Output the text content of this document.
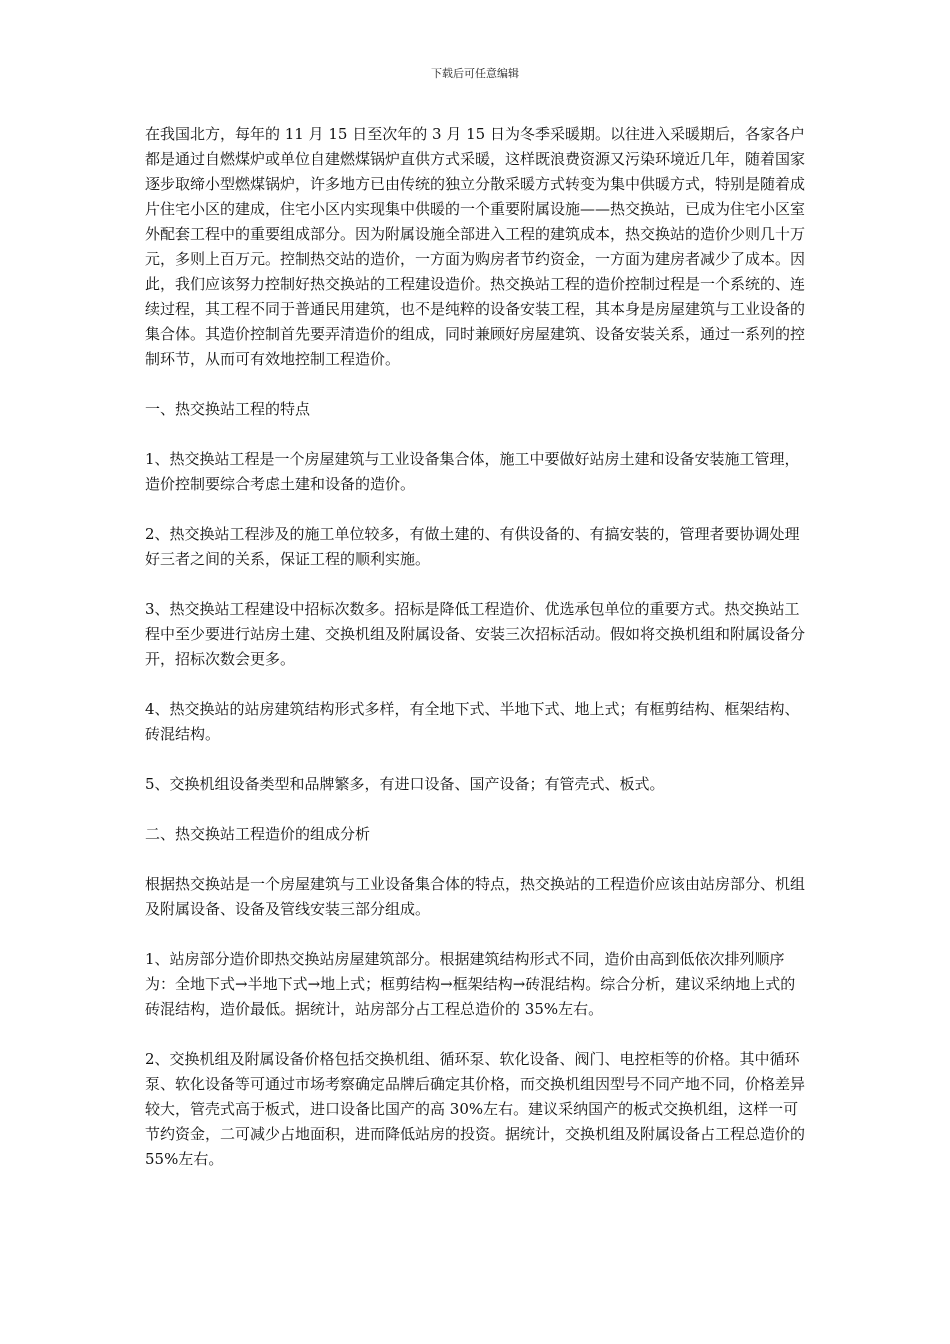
下载后可任意编辑

在我国北方，每年的 11 月 15 日至次年的 3 月 15 日为冬季采暖期。以往进入采暖期后，各家各户都是通过自燃煤炉或单位自建燃煤锅炉直供方式采暖，这样既浪费资源又污染环境近几年，随着国家逐步取缔小型燃煤锅炉，许多地方已由传统的独立分散采暖方式转变为集中供暖方式，特别是随着成片住宅小区的建成，住宅小区内实现集中供暖的一个重要附属设施——热交换站，已成为住宅小区室外配套工程中的重要组成部分。因为附属设施全部进入工程的建筑成本，热交换站的造价少则几十万元，多则上百万元。控制热交站的造价，一方面为购房者节约资金，一方面为建房者减少了成本。因此，我们应该努力控制好热交换站的工程建设造价。热交换站工程的造价控制过程是一个系统的、连续过程，其工程不同于普通民用建筑，也不是纯粹的设备安装工程，其本身是房屋建筑与工业设备的集合体。其造价控制首先要弄清造价的组成，同时兼顾好房屋建筑、设备安装关系，通过一系列的控制环节，从而可有效地控制工程造价。

一、热交换站工程的特点

1、热交换站工程是一个房屋建筑与工业设备集合体，施工中要做好站房土建和设备安装施工管理，造价控制要综合考虑土建和设备的造价。

2、热交换站工程涉及的施工单位较多，有做土建的、有供设备的、有搞安装的，管理者要协调处理好三者之间的关系，保证工程的顺利实施。

3、热交换站工程建设中招标次数多。招标是降低工程造价、优选承包单位的重要方式。热交换站工程中至少要进行站房土建、交换机组及附属设备、安装三次招标活动。假如将交换机组和附属设备分开，招标次数会更多。

4、热交换站的站房建筑结构形式多样，有全地下式、半地下式、地上式；有框剪结构、框架结构、砖混结构。

5、交换机组设备类型和品牌繁多，有进口设备、国产设备；有管壳式、板式。

二、热交换站工程造价的组成分析

根据热交换站是一个房屋建筑与工业设备集合体的特点，热交换站的工程造价应该由站房部分、机组及附属设备、设备及管线安装三部分组成。

1、站房部分造价即热交换站房屋建筑部分。根据建筑结构形式不同，造价由高到低依次排列顺序为：全地下式→半地下式→地上式；框剪结构→框架结构→砖混结构。综合分析，建议采纳地上式的砖混结构，造价最低。据统计，站房部分占工程总造价的 35%左右。

2、交换机组及附属设备价格包括交换机组、循环泵、软化设备、阀门、电控柜等的价格。其中循环泵、软化设备等可通过市场考察确定品牌后确定其价格，而交换机组因型号不同产地不同，价格差异较大，管壳式高于板式，进口设备比国产的高 30%左右。建议采纳国产的板式交换机组，这样一可节约资金，二可减少占地面积，进而降低站房的投资。据统计，交换机组及附属设备占工程总造价的 55%左右。
